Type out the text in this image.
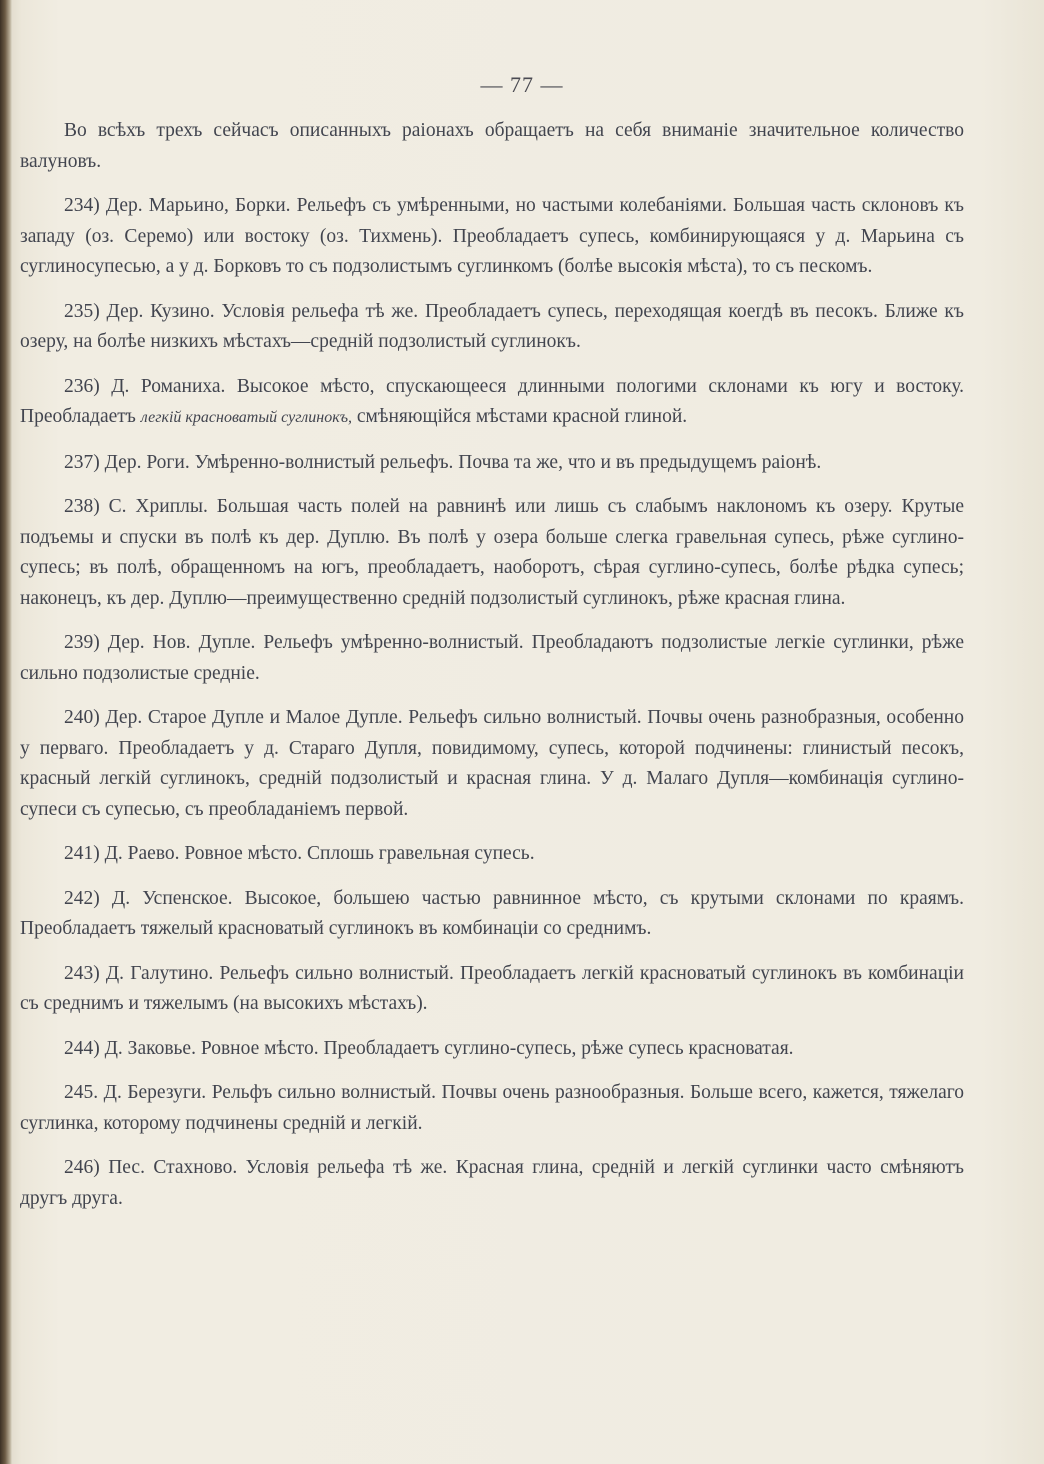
— 77 —

Во всѣхъ трехъ сейчасъ описанныхъ раіонахъ обращаетъ на себя вниманіе значительное количество валуновъ.

234) Дер. Марьино, Борки. Рельефъ съ умѣренными, но частыми колебаніями. Большая часть склоновъ къ западу (оз. Серемо) или востоку (оз. Тихмень). Преобладаетъ супесь, комбинирующаяся у д. Марьина съ суглиносупесью, а у д. Борковъ то съ подзолистымъ суглинкомъ (болѣе высокія мѣста), то съ пескомъ.

235) Дер. Кузино. Условія рельефа тѣ же. Преобладаетъ супесь, переходящая коегдѣ въ песокъ. Ближе къ озеру, на болѣе низкихъ мѣстахъ—средній подзолистый суглинокъ.

236) Д. Романиха. Высокое мѣсто, спускающееся длинными пологими склонами къ югу и востоку. Преобладаетъ легкій красноватый суглинокъ, смѣняющійся мѣстами красной глиной.

237) Дер. Роги. Умѣренно-волнистый рельефъ. Почва та же, что и въ предыдущемъ раіонѣ.

238) С. Хриплы. Большая часть полей на равнинѣ или лишь съ слабымъ наклономъ къ озеру. Крутые подъемы и спуски въ полѣ къ дер. Дуплю. Въ полѣ у озера больше слегка гравельная супесь, рѣже суглино-супесь; въ полѣ, обращенномъ на югъ, преобладаетъ, наоборотъ, сѣрая суглино-супесь, болѣе рѣдка супесь; наконецъ, къ дер. Дуплю—преимущественно средній подзолистый суглинокъ, рѣже красная глина.

239) Дер. Нов. Дупле. Рельефъ умѣренно-волнистый. Преобладаютъ подзолистые легкіе суглинки, рѣже сильно подзолистые средніе.

240) Дер. Старое Дупле и Малое Дупле. Рельефъ сильно волнистый. Почвы очень разнобразныя, особенно у перваго. Преобладаетъ у д. Стараго Дупля, повидимому, супесь, которой подчинены: глинистый песокъ, красный легкій суглинокъ, средній подзолистый и красная глина. У д. Малаго Дупля—комбинація суглино-супеси съ супесью, съ преобладаніемъ первой.

241) Д. Раево. Ровное мѣсто. Сплошь гравельная супесь.

242) Д. Успенское. Высокое, большею частью равнинное мѣсто, съ крутыми склонами по краямъ. Преобладаетъ тяжелый красноватый суглинокъ въ комбинаціи со среднимъ.

243) Д. Галутино. Рельефъ сильно волнистый. Преобладаетъ легкій красноватый суглинокъ въ комбинаціи съ среднимъ и тяжелымъ (на высокихъ мѣстахъ).

244) Д. Заковье. Ровное мѣсто. Преобладаетъ суглино-супесь, рѣже супесь красноватая.

245. Д. Березуги. Рельфъ сильно волнистый. Почвы очень разнообразныя. Больше всего, кажется, тяжелаго суглинка, которому подчинены средній и легкій.

246) Пес. Стахново. Условія рельефа тѣ же. Красная глина, средній и легкій суглинки часто смѣняютъ другъ друга.
